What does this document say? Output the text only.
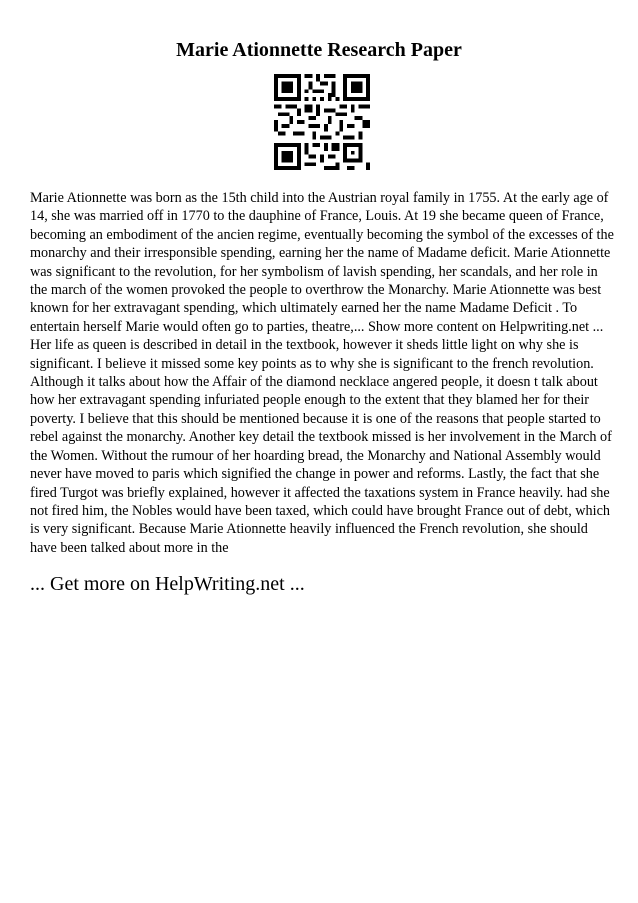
Marie Ationnette Research Paper

Marie Ationnette was born as the 15th child into the Austrian royal family in 1755. At the early age of 14, she was married off in 1770 to the dauphine of France, Louis. At 19 she became queen of France, becoming an embodiment of the ancien regime, eventually becoming the symbol of the excesses of the monarchy and their irresponsible spending, earning her the name of Madame deficit. Marie Ationnette was significant to the revolution, for her symbolism of lavish spending, her scandals, and her role in the march of the women provoked the people to overthrow the Monarchy. Marie Ationnette was best known for her extravagant spending, which ultimately earned her the name Madame Deficit . To entertain herself Marie would often go to parties, theatre,... Show more content on Helpwriting.net ...

Her life as queen is described in detail in the textbook, however it sheds little light on why she is significant. I believe it missed some key points as to why she is significant to the french revolution. Although it talks about how the Affair of the diamond necklace angered people, it doesn t talk about how her extravagant spending infuriated people enough to the extent that they blamed her for their poverty. I believe that this should be mentioned because it is one of the reasons that people started to rebel against the monarchy. Another key detail the textbook missed is her involvement in the March of the Women. Without the rumour of her hoarding bread, the Monarchy and National Assembly would never have moved to paris which signified the change in power and reforms. Lastly, the fact that she fired Turgot was briefly explained, however it affected the taxations system in France heavily. had she not fired him, the Nobles would have been taxed, which could have brought France out of debt, which is very significant. Because Marie Ationnette heavily influenced the French revolution, she should have been talked about more in the

... Get more on HelpWriting.net ...
